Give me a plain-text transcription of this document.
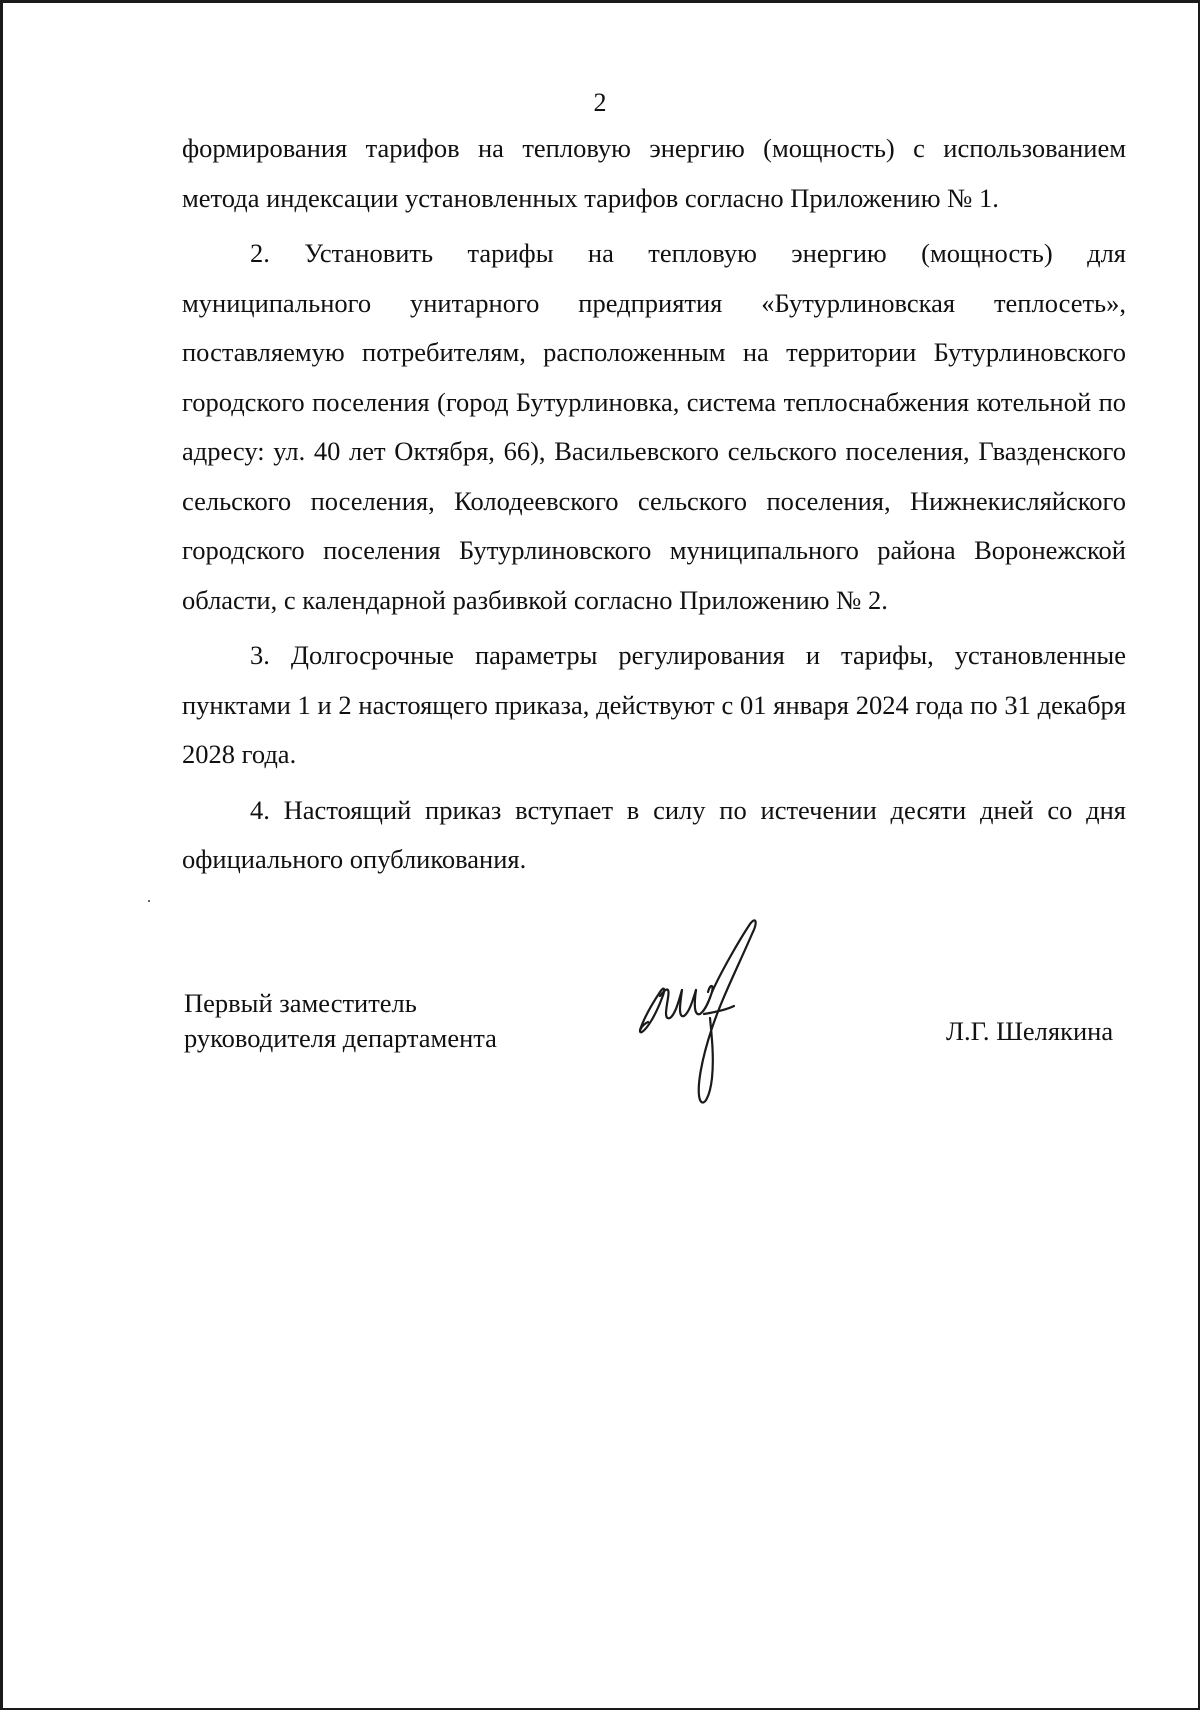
2

формирования тарифов на тепловую энергию (мощность) с использованием метода индексации установленных тарифов согласно Приложению № 1.

2. Установить тарифы на тепловую энергию (мощность) для муниципального унитарного предприятия «Бутурлиновская теплосеть», поставляемую потребителям, расположенным на территории Бутурлиновского городского поселения (город Бутурлиновка, система теплоснабжения котельной по адресу: ул. 40 лет Октября, 66), Васильевского сельского поселения, Гвазденского сельского поселения, Колодеевского сельского поселения, Нижнекисляйского городского поселения Бутурлиновского муниципального района Воронежской области, с календарной разбивкой согласно Приложению № 2.

3. Долгосрочные параметры регулирования и тарифы, установленные пунктами 1 и 2 настоящего приказа, действуют с 01 января 2024 года по 31 декабря 2028 года.

4. Настоящий приказ вступает в силу по истечении десяти дней со дня официального опубликования.

Первый заместитель
руководителя департамента	Л.Г. Шелякина
